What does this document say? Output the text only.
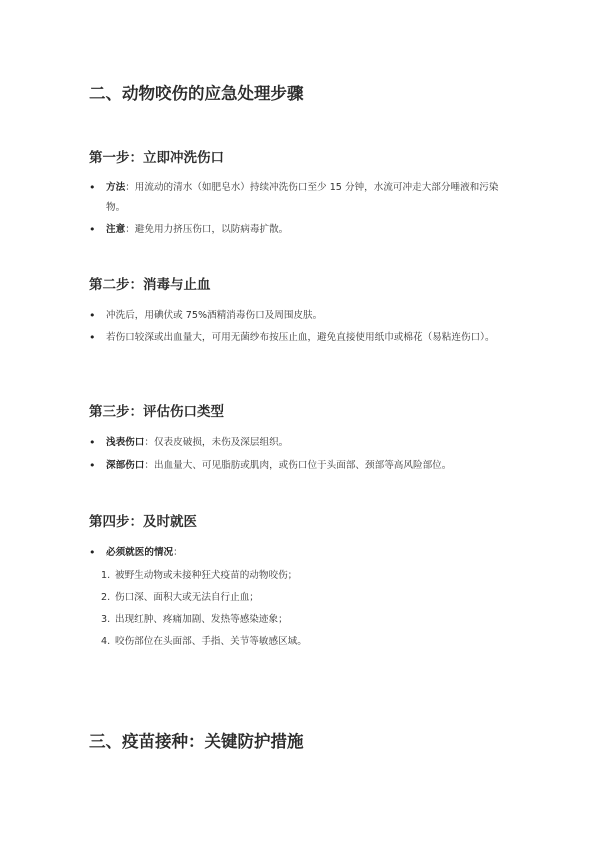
二、动物咬伤的应急处理步骤
第一步：立即冲洗伤口
•	方法：用流动的清水（如肥皂水）持续冲洗伤口至少 15 分钟，水流可冲走大部分唾液和污染物。
•	注意：避免用力挤压伤口，以防病毒扩散。
第二步：消毒与止血
•	冲洗后，用碘伏或 75%酒精消毒伤口及周围皮肤。
•	若伤口较深或出血量大，可用无菌纱布按压止血，避免直接使用纸巾或棉花（易粘连伤口）。
第三步：评估伤口类型
•	浅表伤口：仅表皮破损，未伤及深层组织。
•	深部伤口：出血量大、可见脂肪或肌肉，或伤口位于头面部、颈部等高风险部位。
第四步：及时就医
•	必须就医的情况：
1. 被野生动物或未接种狂犬疫苗的动物咬伤；
2. 伤口深、面积大或无法自行止血；
3. 出现红肿、疼痛加剧、发热等感染迹象；
4. 咬伤部位在头面部、手指、关节等敏感区域。
三、疫苗接种：关键防护措施
